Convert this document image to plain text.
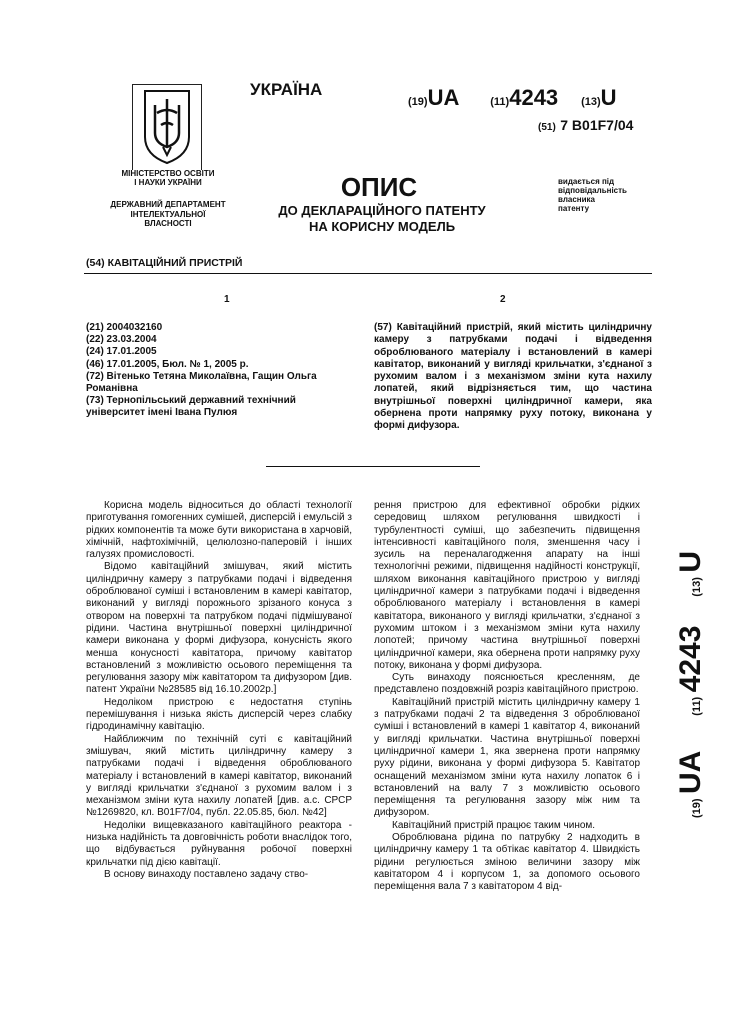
МІНІСТЕРСТВО ОСВІТИ
І НАУКИ УКРАЇНИ
ДЕРЖАВНИЙ ДЕПАРТАМЕНТ
ІНТЕЛЕКТУАЛЬНОЇ
ВЛАСНОСТІ
УКРАЇНА
(19)UA	(11)4243 (13)U
(51) 7 B01F7/04
ОПИС
ДО ДЕКЛАРАЦІЙНОГО ПАТЕНТУ
НА КОРИСНУ МОДЕЛЬ
видається під
відповідальність
власника
патенту
(54) КАВІТАЦІЙНИЙ ПРИСТРІЙ
1	2
(21) 2004032160
(22) 23.03.2004
(24) 17.01.2005
(46) 17.01.2005, Бюл. № 1, 2005 р.
(72) Вітенько Тетяна Миколаївна, Гащин Ольга Романівна
(73) Тернопільський державний технічний університет імені Івана Пулюя
(57) Кавітаційний пристрій, який містить циліндричну камеру з патрубками подачі і відведення оброблюваного матеріалу і встановлений в камері кавітатор, виконаний у вигляді крильчатки, з'єднаної з рухомим валом і з механізмом зміни кута нахилу лопатей, який відрізняється тим, що частина внутрішньої поверхні циліндричної камери, яка обернена проти напрямку руху потоку, виконана у формі дифузора.
Корисна модель відноситься до області технології приготування гомогенних сумішей, дисперсій і емульсій з рідких компонентів та може бути використана в харчовій, хімічній, нафтохімічній, целюлозно-паперовій і інших галузях промисловості.
Відомо кавітаційний змішувач, який містить циліндричну камеру з патрубками подачі і відведення оброблюваної суміші і встановленим в камері кавітатор, виконаний у вигляді порожнього зрізаного конуса з отвором на поверхні та патрубком подачі підмішуваної рідини. Частина внутрішньої поверхні циліндричної камери виконана у формі дифузора, конусність якого менша конусності кавітатора, причому кавітатор встановлений з можливістю осьового переміщення та регулювання зазору між кавітатором та дифузором [див. патент України №28585 від 16.10.2002р.]
Недоліком пристрою є недостатня ступінь перемішування і низька якість дисперсій через слабку гідродинамічну кавітацію.
Найближчим по технічній суті є кавітаційний змішувач, який містить циліндричну камеру з патрубками подачі і відведення оброблюваного матеріалу і встановлений в камері кавітатор, виконаний у вигляді крильчатки з'єднаної з рухомим валом і з механізмом зміни кута нахилу лопатей [див. а.с. СРСР №1269820, кл. B01F7/04, публ. 22.05.85, бюл. №42]
Недоліки вищевказаного кавітаційного реактора - низька надійність та довговічність роботи внаслідок того, що відбувається руйнування робочої поверхні крильчатки під дією кавітації.
В основу винаходу поставлено задачу ство-
рення пристрою для ефективної обробки рідких середовищ шляхом регулювання швидкості і турбулентності суміші, що забезпечить підвищення інтенсивності кавітаційного поля, зменшення часу і зусиль на переналагодження апарату на інші технологічні режими, підвищення надійності конструкції, шляхом виконання кавітаційного пристрою у вигляді циліндричної камери з патрубками подачі і відведення оброблюваного матеріалу і встановлення в камері кавітатора, виконаного у вигляді крильчатки, з'єднаної з рухомим штоком і з механізмом зміни кута нахилу лопотей; причому частина внутрішньої поверхні циліндричної камери, яка обернена проти напрямку руху потоку, виконана у формі дифузора.
Суть винаходу пояснюється кресленням, де представлено поздовжній розріз кавітаційного пристрою.
Кавітаційний пристрій містить циліндричну камеру 1 з патрубками подачі 2 та відведення 3 оброблюваної суміші і встановлений в камері 1 кавітатор 4, виконаний у вигляді крильчатки. Частина внутрішньої поверхні циліндричної камери 1, яка звернена проти напрямку руху рідини, виконана у формі дифузора 5. Кавітатор оснащений механізмом зміни кута нахилу лопаток 6 і встановлений на валу 7 з можливістю осьового переміщення та регулювання зазору між ним та дифузором.
Кавітаційний пристрій працює таким чином.
Оброблювана рідина по патрубку 2 надходить в циліндричну камеру 1 та обтікає кавітатор 4. Швидкість рідини регулюється зміною величини зазору між кавітатором 4 і корпусом 1, за допомого осьового переміщення вала 7 з кавітатором 4 від-
(19) UA  (11) 4243  (13) U
